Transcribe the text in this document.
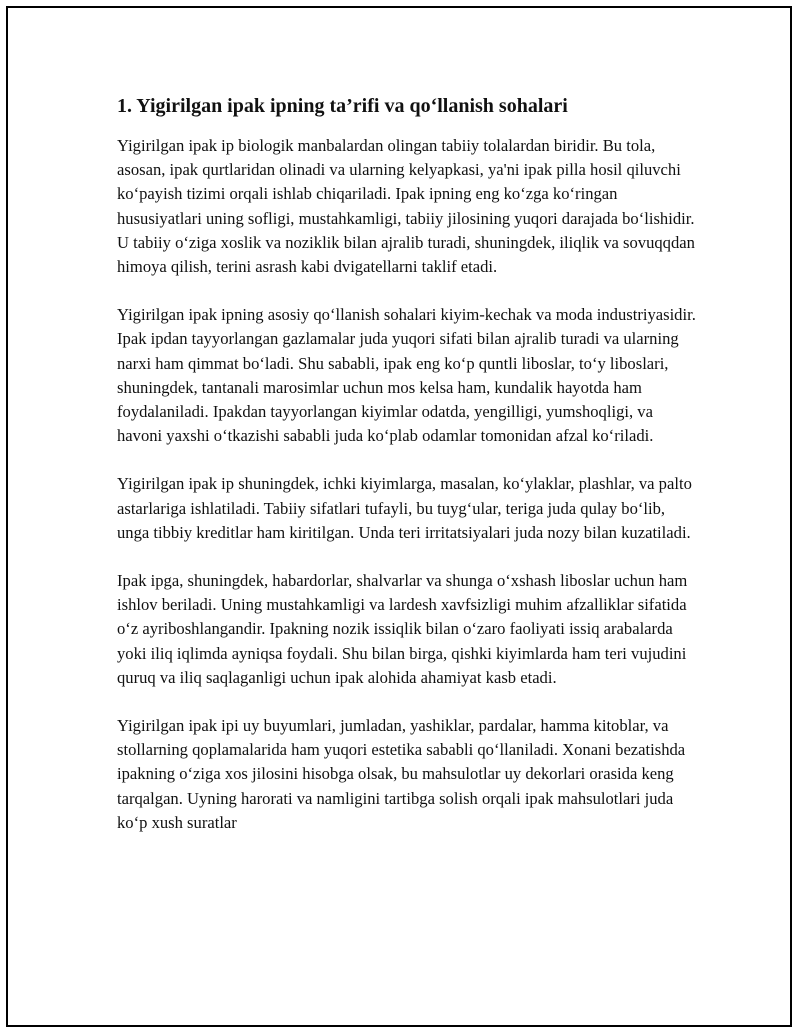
1. Yigirilgan ipak ipning ta’rifi va qo‘llanish sohalari

Yigirilgan ipak ip biologik manbalardan olingan tabiiy tolalardan biridir. Bu tola, asosan, ipak qurtlaridan olinadi va ularning kelyapkasi, ya'ni ipak pilla hosil qiluvchi ko‘payish tizimi orqali ishlab chiqariladi. Ipak ipning eng ko‘zga ko‘ringan hususiyatlari uning sofligi, mustahkamligi, tabiiy jilosining yuqori darajada bo‘lishidir. U tabiiy o‘ziga xoslik va noziklik bilan ajralib turadi, shuningdek, iliqlik va sovuqqdan himoya qilish, terini asrash kabi dvigatellarni taklif etadi.

Yigirilgan ipak ipning asosiy qo‘llanish sohalari kiyim-kechak va moda industriyasidir. Ipak ipdan tayyorlangan gazlamalar juda yuqori sifati bilan ajralib turadi va ularning narxi ham qimmat bo‘ladi. Shu sababli, ipak eng ko‘p quntli liboslar, to‘y liboslari, shuningdek, tantanali marosimlar uchun mos kelsa ham, kundalik hayotda ham foydalaniladi. Ipakdan tayyorlangan kiyimlar odatda, yengilligi, yumshoqligi, va havoni yaxshi o‘tkazishi sababli juda ko‘plab odamlar tomonidan afzal ko‘riladi.

Yigirilgan ipak ip shuningdek, ichki kiyimlarga, masalan, ko‘ylaklar, plashlar, va palto astarlariga ishlatiladi. Tabiiy sifatlari tufayli, bu tuyg‘ular, teriga juda qulay bo‘lib, unga tibbiy kreditlar ham kiritilgan. Unda teri irritatsiyalari juda nozy bilan kuzatiladi.

Ipak ipga, shuningdek, habardorlar, shalvarlar va shunga o‘xshash liboslar uchun ham ishlov beriladi. Uning mustahkamligi va lardesh xavfsizligi muhim afzalliklar sifatida o‘z ayriboshlangandir. Ipakning nozik issiqlik bilan o‘zaro faoliyati issiq arabalarda yoki iliq iqlimda ayniqsa foydali. Shu bilan birga, qishki kiyimlarda ham teri vujudini quruq va iliq saqlaganligi uchun ipak alohida ahamiyat kasb etadi.

Yigirilgan ipak ipi uy buyumlari, jumladan, yashiklar, pardalar, hamma kitoblar, va stollarning qoplamalarida ham yuqori estetika sababli qo‘llaniladi. Xonani bezatishda ipakning o‘ziga xos jilosini hisobga olsak, bu mahsulotlar uy dekorlari orasida keng tarqalgan. Uyning harorati va namligini tartibga solish orqali ipak mahsulotlari juda ko‘p xush suratlar
